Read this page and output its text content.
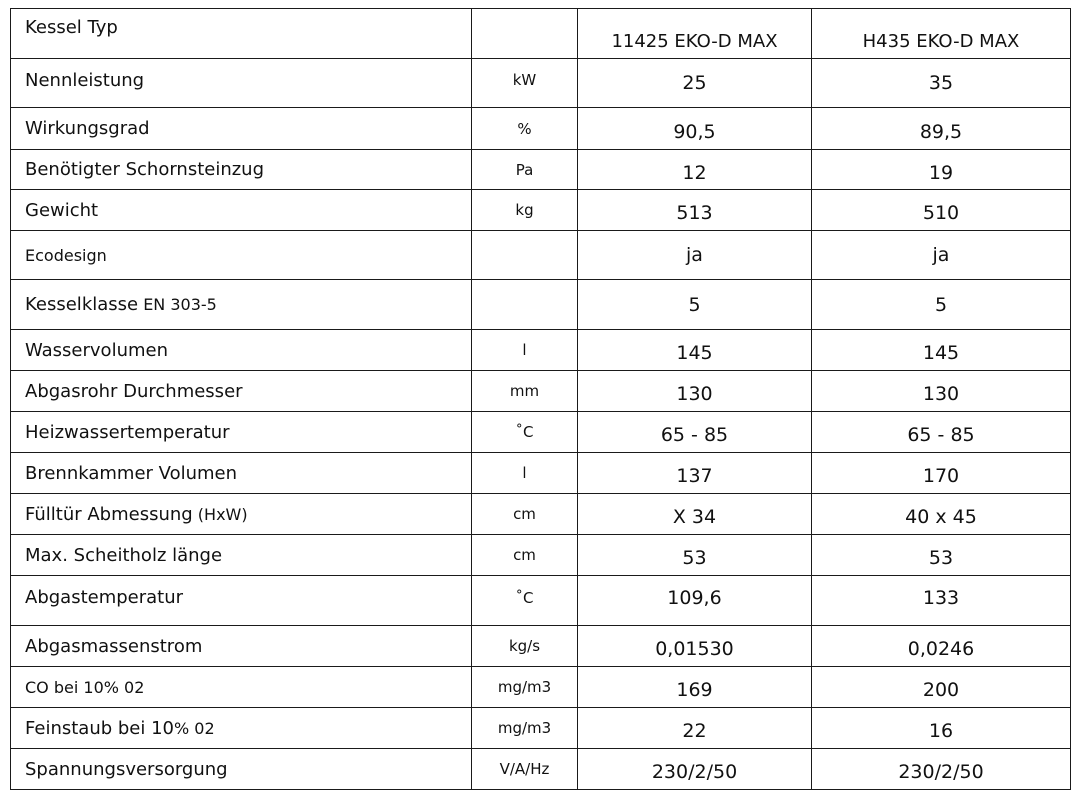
Kessel Typ		11425 EKO-D MAX	H435 EKO-D MAX
Nennleistung	kW	25	35
Wirkungsgrad	%	90,5	89,5
Benötigter Schornsteinzug	Pa	12	19
Gewicht	kg	513	510
Ecodesign		ja	ja
Kesselklasse EN 303-5		5	5
Wasservolumen	l	145	145
Abgasrohr Durchmesser	mm	130	130
Heizwassertemperatur	˚C	65 - 85	65 - 85
Brennkammer Volumen	l	137	170
Fülltür Abmessung (HxW)	cm	X 34	40 x 45
Max. Scheitholz länge	cm	53	53
Abgastemperatur	˚C	109,6	133
Abgasmassenstrom	kg/s	0,01530	0,0246
CO bei 10% 02	mg/m3	169	200
Feinstaub bei 10% 02	mg/m3	22	16
Spannungsversorgung	V/A/Hz	230/2/50	230/2/50
